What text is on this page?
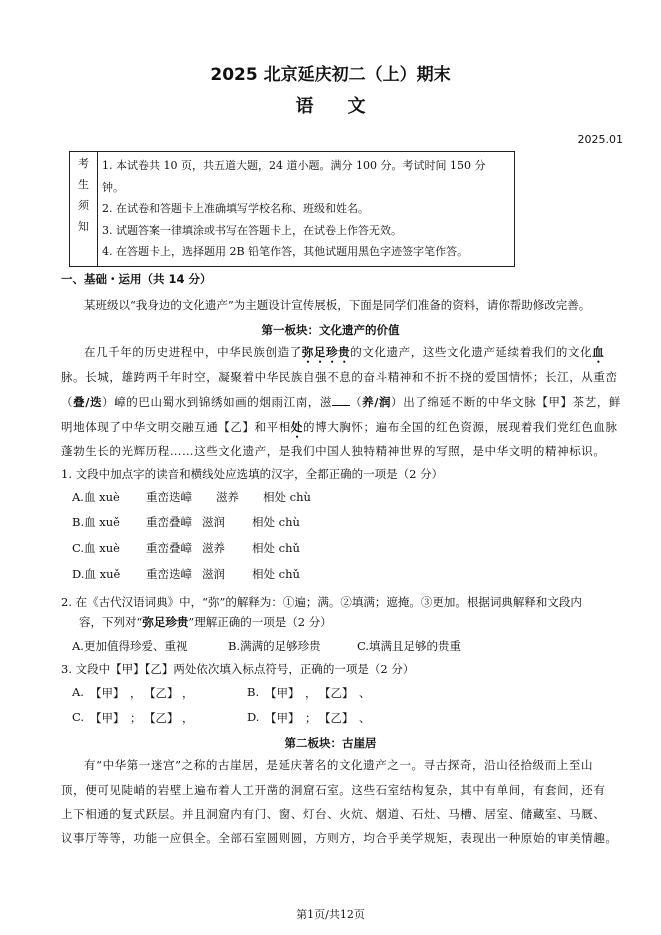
2025 北京延庆初二（上）期末
语文
2025.01
考
生
须
知

1. 本试卷共 10 页，共五道大题，24 道小题。满分 100 分。考试时间 150 分钟。
2. 在试卷和答题卡上准确填写学校名称、班级和姓名。
3. 试题答案一律填涂或书写在答题卡上，在试卷上作答无效。
4. 在答题卡上，选择题用 2B 铅笔作答，其他试题用黑色字迹签字笔作答。
一、基础・运用（共 14 分）
某班级以“我身边的文化遗产”为主题设计宣传展板，下面是同学们准备的资料，请你帮助修改完善。
第一板块：文化遗产的价值
在几千年的历史进程中，中华民族创造了弥足珍贵的文化遗产，这些文化遗产延续着我们的文化血
脉。长城，雄跨两千年时空，凝聚着中华民族自强不息的奋斗精神和不折不挠的爱国情怀；长江，从重峦
（叠/迭）嶂的巴山蜀水到锦绣如画的烟雨江南，滋 （养/润）出了绵延不断的中华文脉【甲】茶艺，鲜
明地体现了中华文明交融互通【乙】和平相处的博大胸怀；遍布全国的红色资源，展现着我们党红色血脉
蓬勃生长的光辉历程……这些文化遗产，是我们中国人独特精神世界的写照，是中华文明的精神标识。
1. 文段中加点字的读音和横线处应选填的汉字，全都正确的一项是（2 分）
A.血 xuè 重峦迭嶂 滋养 相处 chù
B.血 xuě 重峦叠嶂 滋润 相处 chù
C.血 xuè 重峦叠嶂 滋养 相处 chǔ
D.血 xuě 重峦迭嶂 滋润 相处 chǔ
2. 在《古代汉语词典》中，“弥”的解释为：①遍；满。②填满；遮掩。③更加。根据词典解释和文段内
容，下列对“弥足珍贵”理解正确的一项是（2 分）
A.更加值得珍爱、重视	B.满满的足够珍贵	C.填满且足够的贵重
3. 文段中【甲】【乙】两处依次填入标点符号，正确的一项是（2 分）
A. 【甲】 ， 【乙】 ，	B. 【甲】 ， 【乙】 、
C. 【甲】 ； 【乙】 ，	D. 【甲】 ； 【乙】 、
第二板块：古崖居
有“中华第一迷宫”之称的古崖居，是延庆著名的文化遗产之一。寻古探奇，沿山径拾级而上至山
顶，便可见陡峭的岩壁上遍布着人工开凿的洞窟石室。这些石室结构复杂，其中有单间，有套间，还有
上下相通的复式跃层。并且洞窟内有门、窗、灯台、火炕、烟道、石灶、马槽、居室、储藏室、马厩、
议事厅等等，功能一应俱全。全部石室圆则圆，方则方，均合乎美学规矩，表现出一种原始的审美情趣。
第1页/共12页
